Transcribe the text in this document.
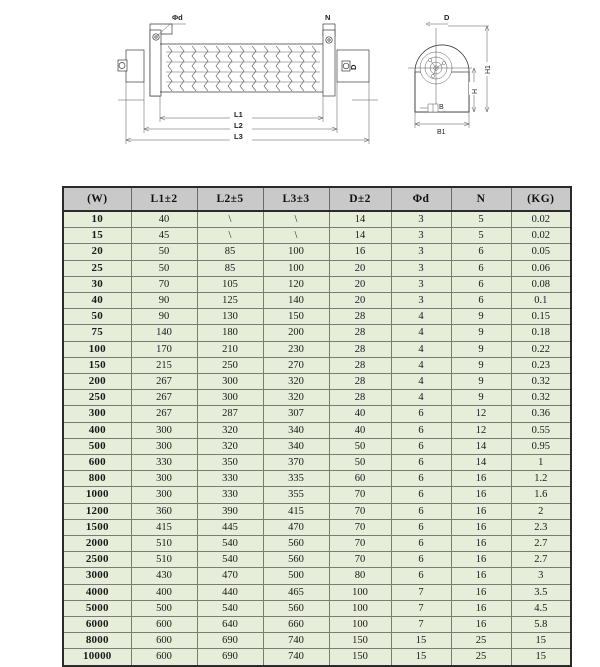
Φd	N
D
L1
L2
L3
D
H1
H
B
B1
(W)	L1±2	L2±5	L3±3	D±2	Φd	N	(KG)
10	40	\	\	14	3	5	0.02
15	45	\	\	14	3	5	0.02
20	50	85	100	16	3	6	0.05
25	50	85	100	20	3	6	0.06
30	70	105	120	20	3	6	0.08
40	90	125	140	20	3	6	0.1
50	90	130	150	28	4	9	0.15
75	140	180	200	28	4	9	0.18
100	170	210	230	28	4	9	0.22
150	215	250	270	28	4	9	0.23
200	267	300	320	28	4	9	0.32
250	267	300	320	28	4	9	0.32
300	267	287	307	40	6	12	0.36
400	300	320	340	40	6	12	0.55
500	300	320	340	50	6	14	0.95
600	330	350	370	50	6	14	1
800	300	330	335	60	6	16	1.2
1000	300	330	355	70	6	16	1.6
1200	360	390	415	70	6	16	2
1500	415	445	470	70	6	16	2.3
2000	510	540	560	70	6	16	2.7
2500	510	540	560	70	6	16	2.7
3000	430	470	500	80	6	16	3
4000	400	440	465	100	7	16	3.5
5000	500	540	560	100	7	16	4.5
6000	600	640	660	100	7	16	5.8
8000	600	690	740	150	15	25	15
10000	600	690	740	150	15	25	15
